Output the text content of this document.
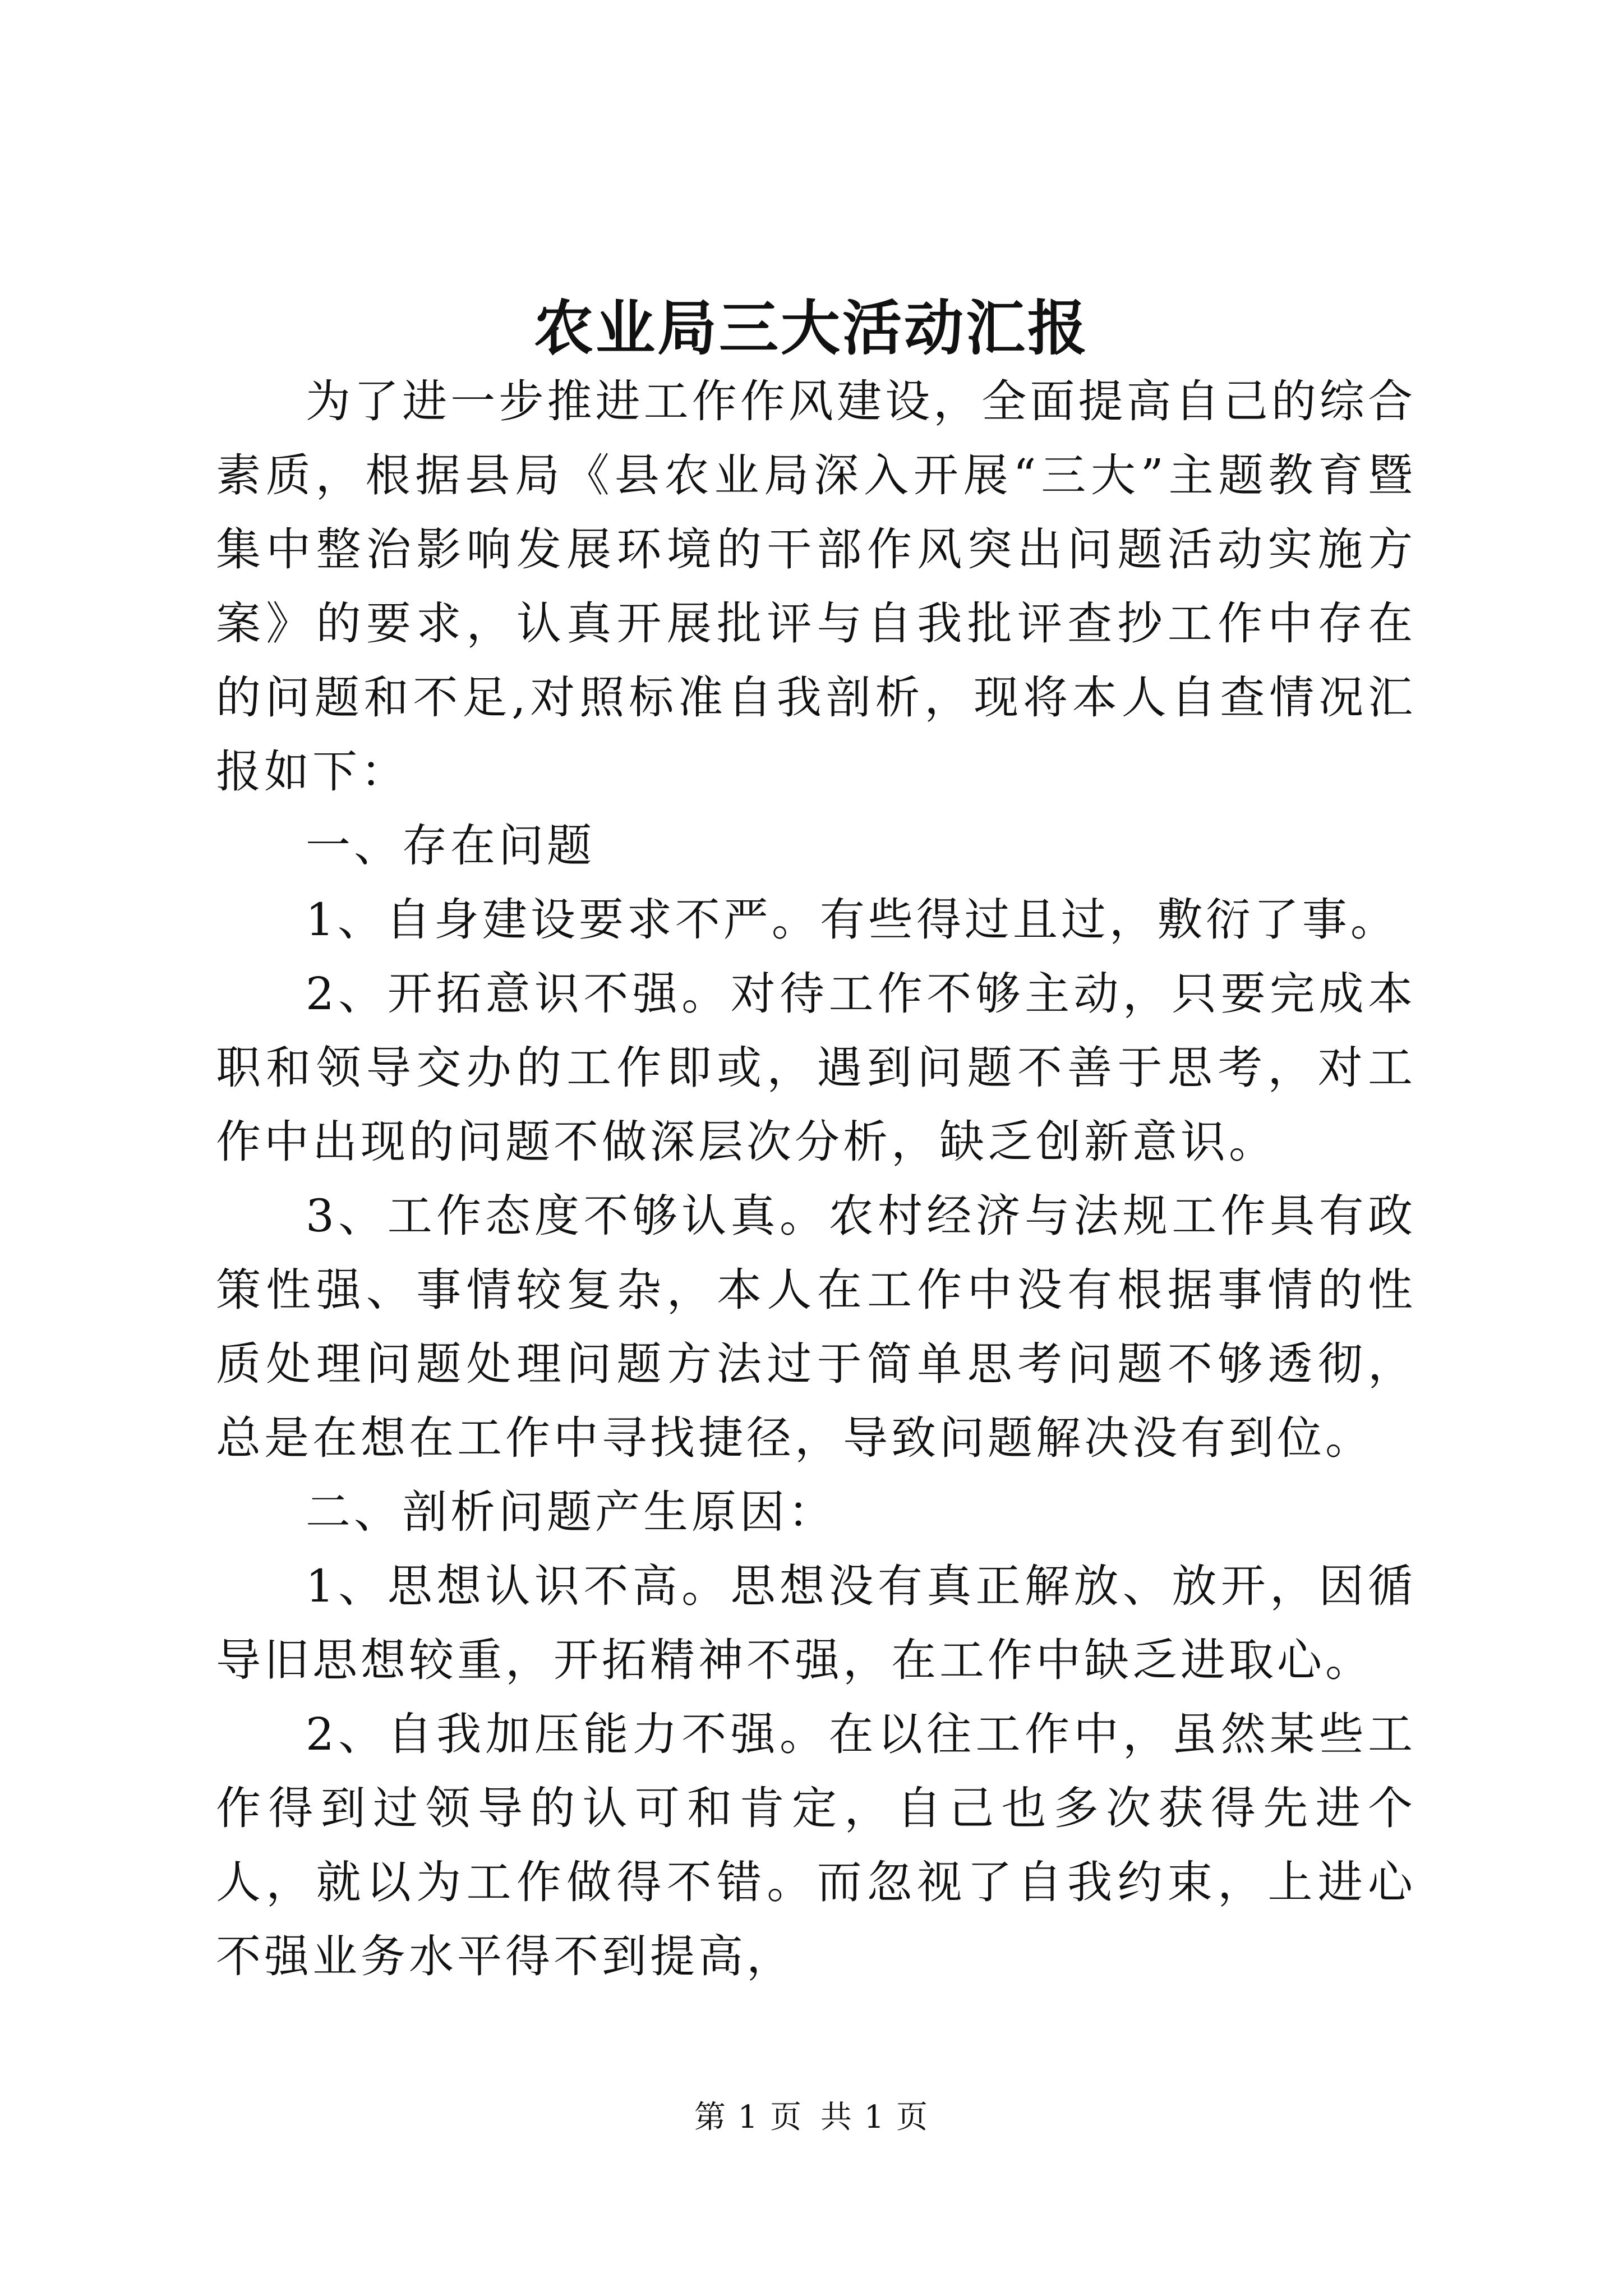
农业局三大活动汇报

为了进一步推进工作作风建设，全面提高自己的综合素质，根据县局《县农业局深入开展“三大”主题教育暨集中整治影响发展环境的干部作风突出问题活动实施方案》的要求，认真开展批评与自我批评查抄工作中存在的问题和不足,对照标准自我剖析，现将本人自查情况汇报如下：

一、存在问题

1、自身建设要求不严。有些得过且过，敷衍了事。

2、开拓意识不强。对待工作不够主动，只要完成本职和领导交办的工作即或，遇到问题不善于思考，对工作中出现的问题不做深层次分析，缺乏创新意识。

3、工作态度不够认真。农村经济与法规工作具有政策性强、事情较复杂，本人在工作中没有根据事情的性质处理问题处理问题方法过于简单思考问题不够透彻，总是在想在工作中寻找捷径，导致问题解决没有到位。

二、剖析问题产生原因：

1、思想认识不高。思想没有真正解放、放开，因循导旧思想较重，开拓精神不强，在工作中缺乏进取心。

2、自我加压能力不强。在以往工作中，虽然某些工作得到过领导的认可和肯定，自己也多次获得先进个人，就以为工作做得不错。而忽视了自我约束，上进心不强业务水平得不到提高，

第 1 页 共 1 页
